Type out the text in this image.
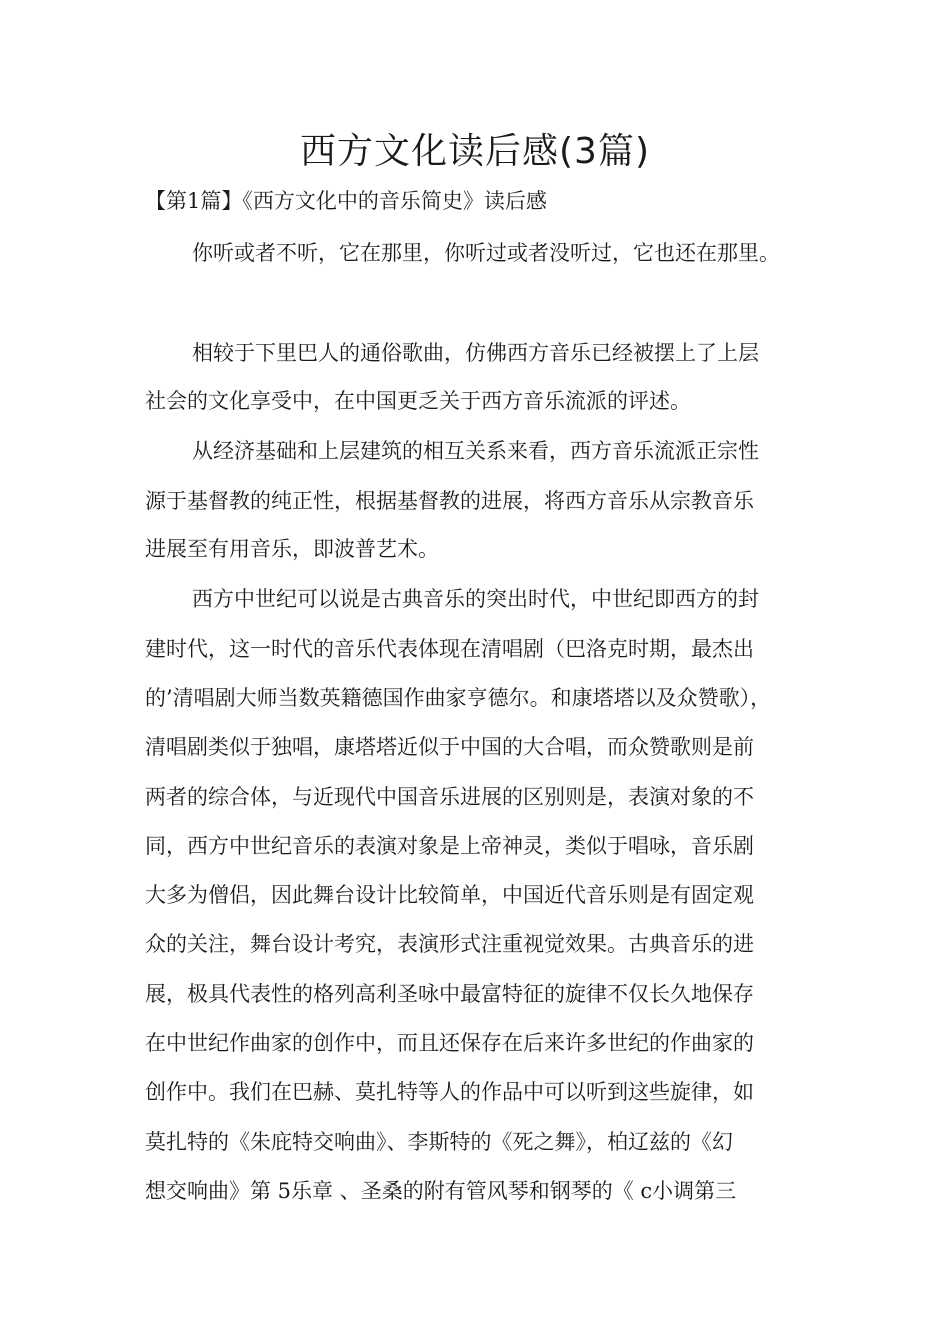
西方文化读后感(3篇)

【第1篇】《西方文化中的音乐简史》读后感

你听或者不听，它在那里，你听过或者没听过，它也还在那里。

相较于下里巴人的通俗歌曲，仿佛西方音乐已经被摆上了上层

社会的文化享受中，在中国更乏关于西方音乐流派的评述。

从经济基础和上层建筑的相互关系来看，西方音乐流派正宗性

源于基督教的纯正性，根据基督教的进展，将西方音乐从宗教音乐

进展至有用音乐，即波普艺术。

西方中世纪可以说是古典音乐的突出时代，中世纪即西方的封

建时代，这一时代的音乐代表体现在清唱剧（巴洛克时期，最杰出

的’清唱剧大师当数英籍德国作曲家亨德尔。和康塔塔以及众赞歌），

清唱剧类似于独唱，康塔塔近似于中国的大合唱，而众赞歌则是前

两者的综合体，与近现代中国音乐进展的区别则是，表演对象的不

同，西方中世纪音乐的表演对象是上帝神灵，类似于唱咏，音乐剧

大多为僧侣，因此舞台设计比较简单，中国近代音乐则是有固定观

众的关注，舞台设计考究，表演形式注重视觉效果。古典音乐的进

展，极具代表性的格列高利圣咏中最富特征的旋律不仅长久地保存

在中世纪作曲家的创作中，而且还保存在后来许多世纪的作曲家的

创作中。我们在巴赫、莫扎特等人的作品中可以听到这些旋律，如

莫扎特的《朱庇特交响曲》、李斯特的《死之舞》，柏辽兹的《幻

想交响曲》第 5乐章 、圣桑的附有管风琴和钢琴的《 c小调第三
